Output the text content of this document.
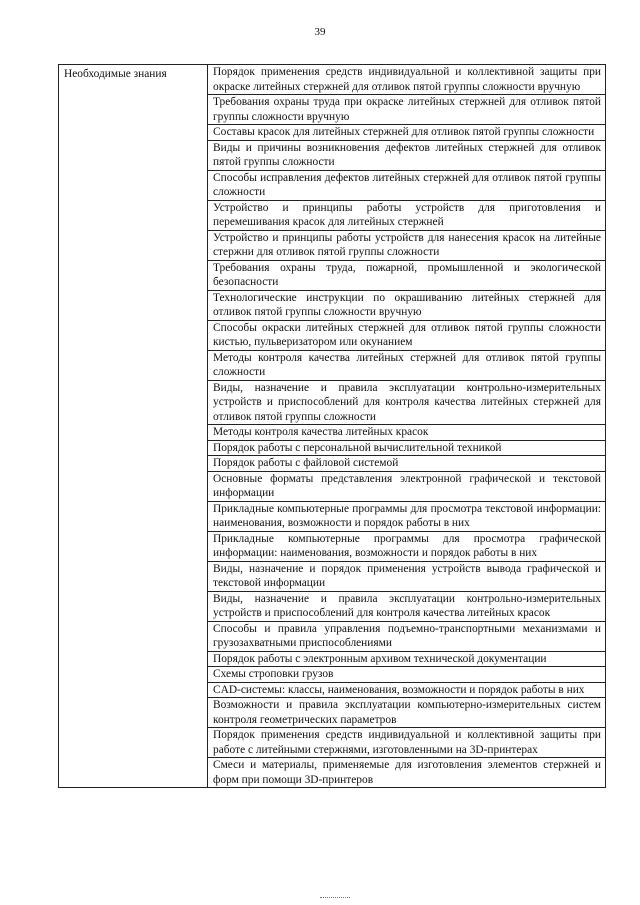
39
Необходимые знания	Порядок применения средств индивидуальной и коллективной защиты при окраске литейных стержней для отливок пятой группы сложности вручную
Требования охраны труда при окраске литейных стержней для отливок пятой группы сложности вручную
Составы красок для литейных стержней для отливок пятой группы сложности
Виды и причины возникновения дефектов литейных стержней для отливок пятой группы сложности
Способы исправления дефектов литейных стержней для отливок пятой группы сложности
Устройство и принципы работы устройств для приготовления и перемешивания красок для литейных стержней
Устройство и принципы работы устройств для нанесения красок на литейные стержни для отливок пятой группы сложности
Требования охраны труда, пожарной, промышленной и экологической безопасности
Технологические инструкции по окрашиванию литейных стержней для отливок пятой группы сложности вручную
Способы окраски литейных стержней для отливок пятой группы сложности кистью, пульверизатором или окунанием
Методы контроля качества литейных стержней для отливок пятой группы сложности
Виды, назначение и правила эксплуатации контрольно-измерительных устройств и приспособлений для контроля качества литейных стержней для отливок пятой группы сложности
Методы контроля качества литейных красок
Порядок работы с персональной вычислительной техникой
Порядок работы с файловой системой
Основные форматы представления электронной графической и текстовой информации
Прикладные компьютерные программы для просмотра текстовой информации: наименования, возможности и порядок работы в них
Прикладные компьютерные программы для просмотра графической информации: наименования, возможности и порядок работы в них
Виды, назначение и порядок применения устройств вывода графической и текстовой информации
Виды, назначение и правила эксплуатации контрольно-измерительных устройств и приспособлений для контроля качества литейных красок
Способы и правила управления подъемно-транспортными механизмами и грузозахватными приспособлениями
Порядок работы с электронным архивом технической документации
Схемы строповки грузов
CAD-системы: классы, наименования, возможности и порядок работы в них
Возможности и правила эксплуатации компьютерно-измерительных систем контроля геометрических параметров
Порядок применения средств индивидуальной и коллективной защиты при работе с литейными стержнями, изготовленными на 3D-принтерах
Смеси и материалы, применяемые для изготовления элементов стержней и форм при помощи 3D-принтеров
